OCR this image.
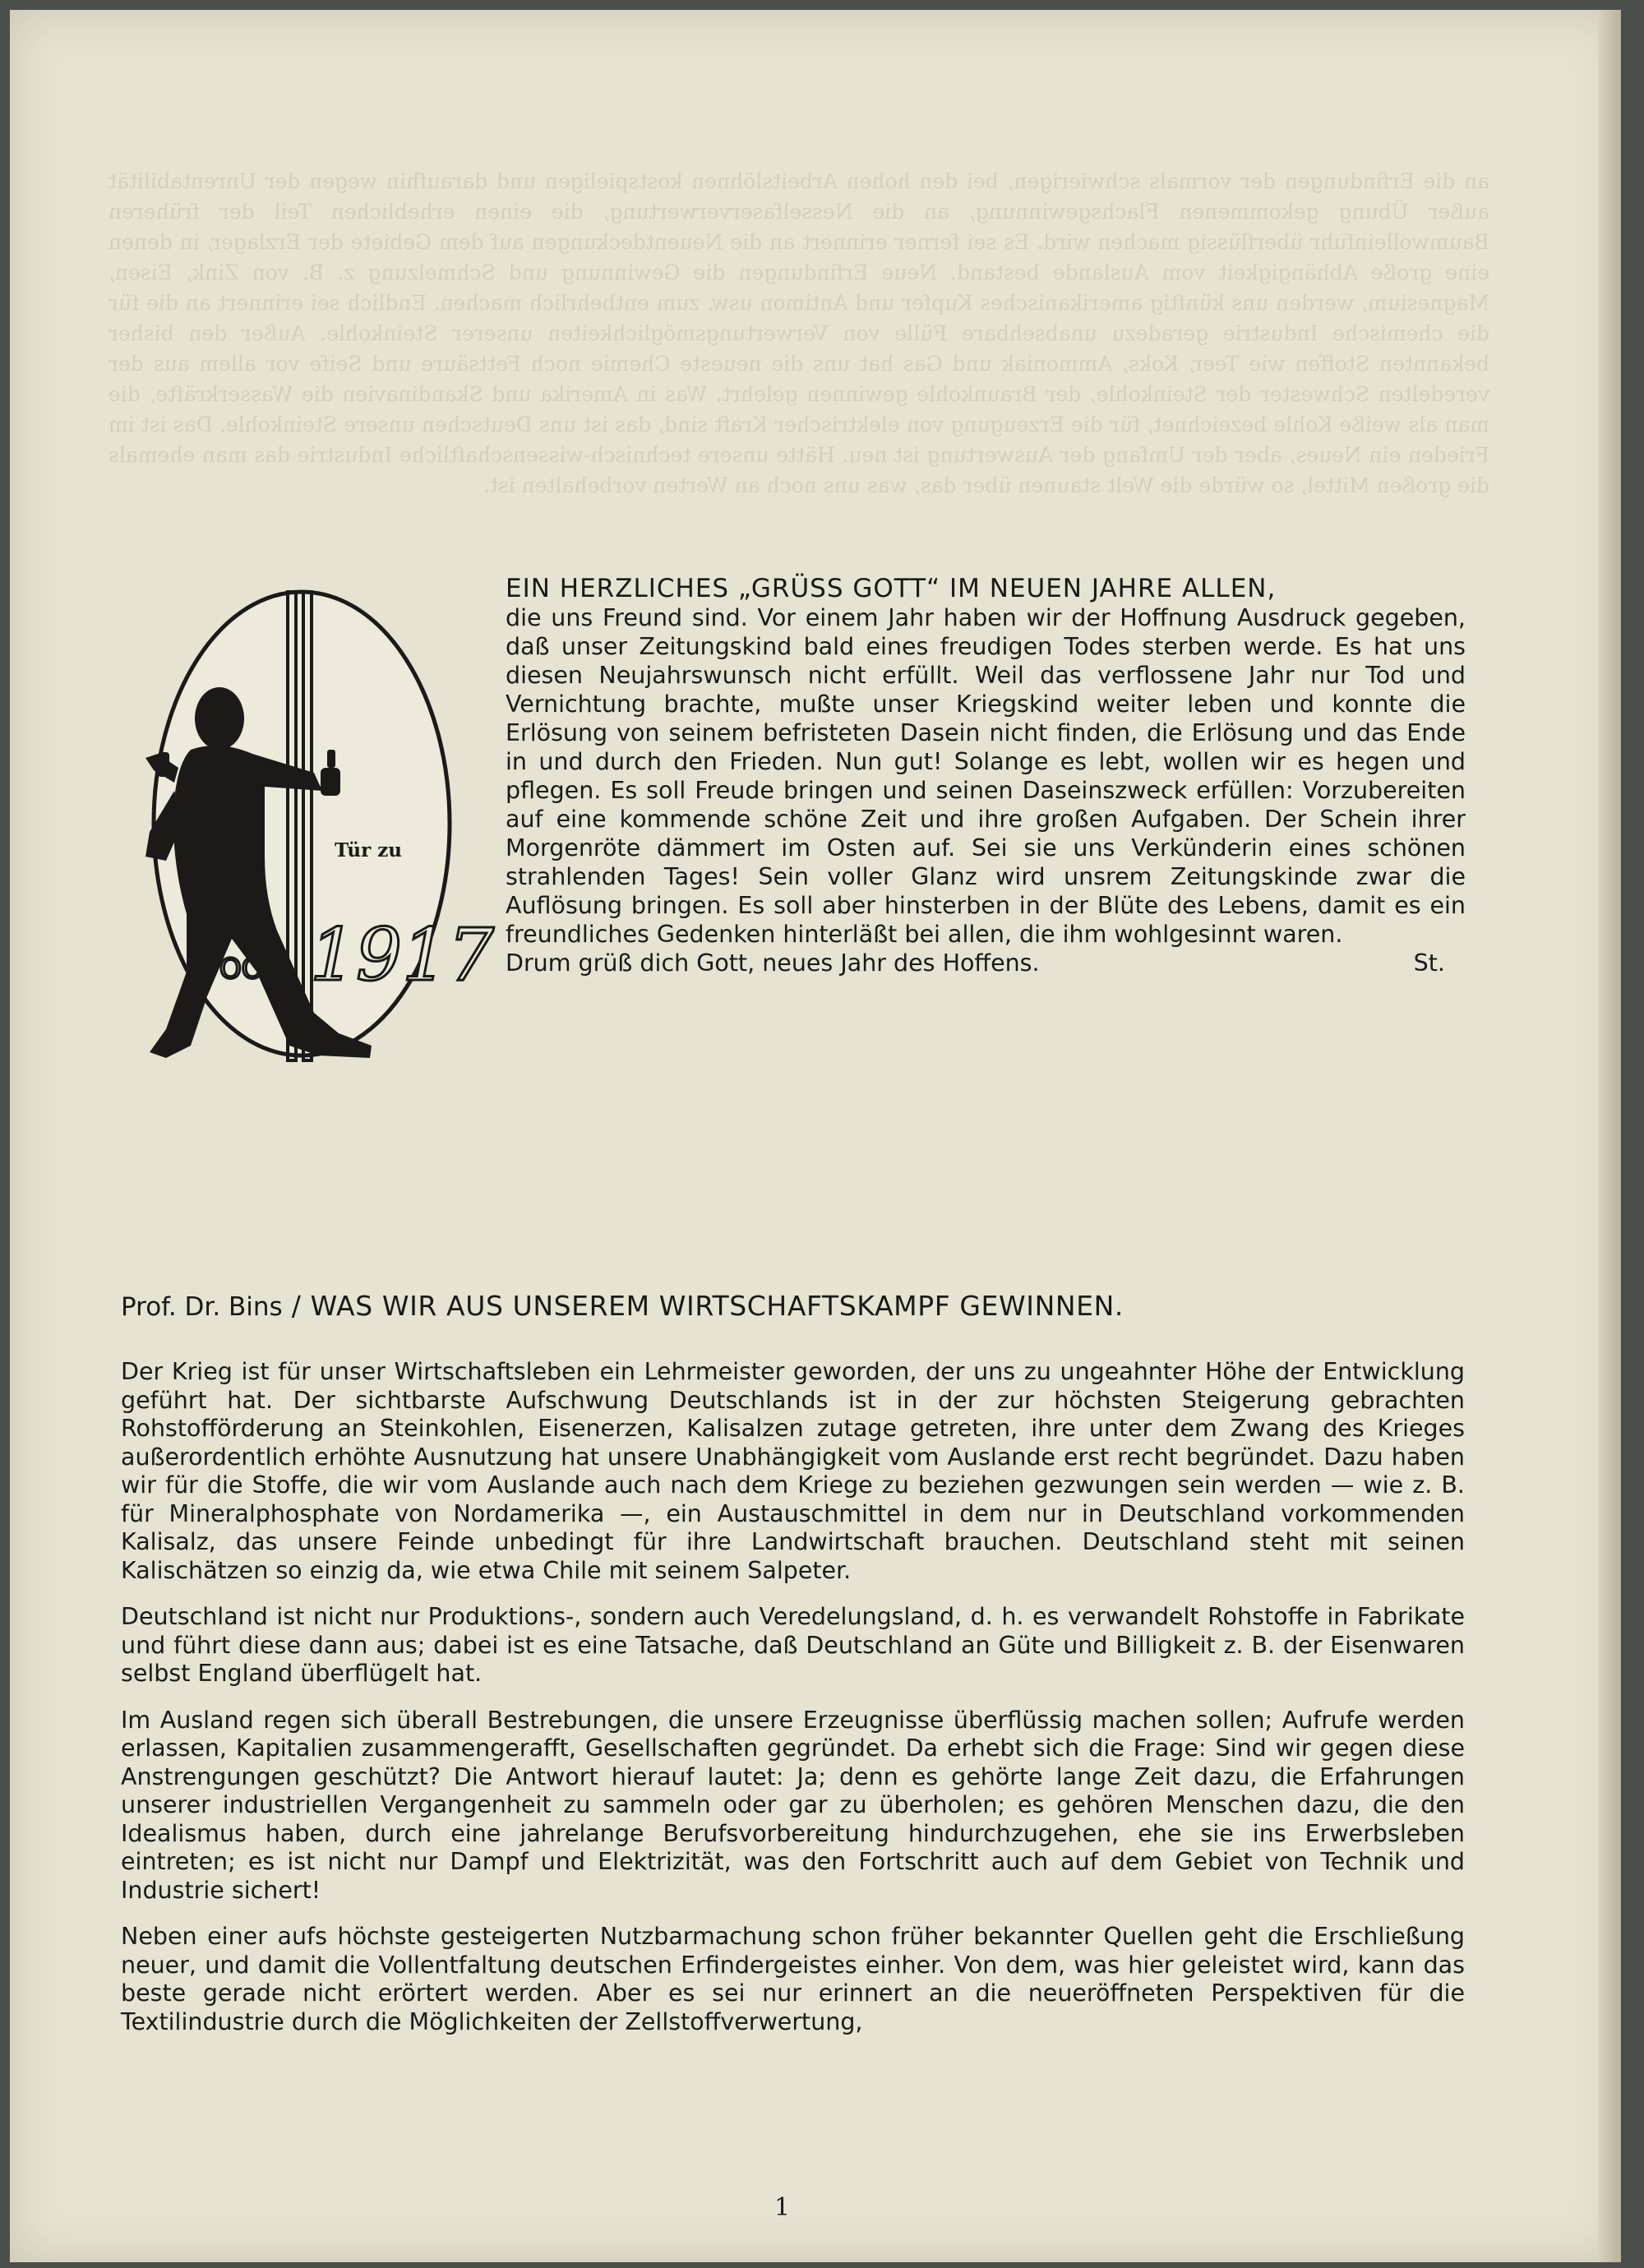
an die Erfindungen der vormals schwierigen, bei den hohen Arbeitslöhnen kostspieligen und daraufhin wegen der Unrentabilität außer Übung gekommenen Flachsgewinnung, an die Nesselfaserverwertung, die einen erheblichen Teil der früheren Baumwolleinfuhr überflüssig machen wird. Es sei ferner erinnert an die Neuentdeckungen auf dem Gebiete der Erzlager, in denen eine große Abhängigkeit vom Auslande bestand. Neue Erfindungen die Gewinnung und Schmelzung z. B. von Zink, Eisen, Magnesium, werden uns künftig amerikanisches Kupfer und Antimon usw. zum entbehrlich machen. Endlich sei erinnert an die für die chemische Industrie geradezu unabsehbare Fülle von Verwertungsmöglichkeiten unserer Steinkohle. Außer den bisher bekannten Stoffen wie Teer, Koks, Ammoniak und Gas hat uns die neueste Chemie noch Fettsäure und Seife vor allem aus der veredelten Schwester der Steinkohle, der Braunkohle gewinnen gelehrt. Was in Amerika und Skandinavien die Wasserkräfte, die man als weiße Kohle bezeichnet, für die Erzeugung von elektrischer Kraft sind, das ist uns Deutschen unsere Steinkohle. Das ist im Frieden ein Neues, aber der Umfang der Auswertung ist neu. Hätte unsere technisch-wissenschaftliche Industrie das man ehemals die großen Mittel, so würde die Welt staunen über das, was uns noch an Werten vorbehalten ist.
Tür zu
1917
OO
K
EIN HERZLICHES „GRÜSS GOTT“ IM NEUEN JAHRE ALLEN,
die uns Freund sind. Vor einem Jahr haben wir der Hoffnung Ausdruck gegeben, daß unser Zeitungskind bald eines freudigen Todes sterben werde. Es hat uns diesen Neujahrswunsch nicht erfüllt. Weil das verflossene Jahr nur Tod und Vernichtung brachte, mußte unser Kriegskind weiter leben und konnte die Erlösung von seinem befristeten Dasein nicht finden, die Erlösung und das Ende in und durch den Frieden. Nun gut! Solange es lebt, wollen wir es hegen und pflegen. Es soll Freude bringen und seinen Daseinszweck erfüllen: Vorzubereiten auf eine kommende schöne Zeit und ihre großen Aufgaben. Der Schein ihrer Morgenröte dämmert im Osten auf. Sei sie uns Verkünderin eines schönen strahlenden Tages! Sein voller Glanz wird unsrem Zeitungskinde zwar die Auflösung bringen. Es soll aber hinsterben in der Blüte des Lebens, damit es ein freundliches Gedenken hinterläßt bei allen, die ihm wohlgesinnt waren.
Drum grüß dich Gott, neues Jahr des Hoffens.	St.
Prof. Dr. Bins / WAS WIR AUS UNSEREM WIRTSCHAFTSKAMPF GEWINNEN.

Der Krieg ist für unser Wirtschaftsleben ein Lehrmeister geworden, der uns zu ungeahnter Höhe der Entwicklung geführt hat. Der sichtbarste Aufschwung Deutschlands ist in der zur höchsten Steigerung gebrachten Rohstofförderung an Steinkohlen, Eisenerzen, Kalisalzen zutage getreten, ihre unter dem Zwang des Krieges außerordentlich erhöhte Ausnutzung hat unsere Unabhängigkeit vom Auslande erst recht begründet. Dazu haben wir für die Stoffe, die wir vom Auslande auch nach dem Kriege zu beziehen gezwungen sein werden — wie z. B. für Mineralphosphate von Nordamerika —, ein Austauschmittel in dem nur in Deutschland vorkommenden Kalisalz, das unsere Feinde unbedingt für ihre Landwirtschaft brauchen. Deutschland steht mit seinen Kalischätzen so einzig da, wie etwa Chile mit seinem Salpeter.

Deutschland ist nicht nur Produktions-, sondern auch Veredelungsland, d. h. es verwandelt Rohstoffe in Fabrikate und führt diese dann aus; dabei ist es eine Tatsache, daß Deutschland an Güte und Billigkeit z. B. der Eisenwaren selbst England überflügelt hat.

Im Ausland regen sich überall Bestrebungen, die unsere Erzeugnisse überflüssig machen sollen; Aufrufe werden erlassen, Kapitalien zusammengerafft, Gesellschaften gegründet. Da erhebt sich die Frage: Sind wir gegen diese Anstrengungen geschützt? Die Antwort hierauf lautet: Ja; denn es gehörte lange Zeit dazu, die Erfahrungen unserer industriellen Vergangenheit zu sammeln oder gar zu überholen; es gehören Menschen dazu, die den Idealismus haben, durch eine jahrelange Berufsvorbereitung hindurchzugehen, ehe sie ins Erwerbsleben eintreten; es ist nicht nur Dampf und Elektrizität, was den Fortschritt auch auf dem Gebiet von Technik und Industrie sichert!

Neben einer aufs höchste gesteigerten Nutzbarmachung schon früher bekannter Quellen geht die Erschließung neuer, und damit die Vollentfaltung deutschen Erfindergeistes einher. Von dem, was hier geleistet wird, kann das beste gerade nicht erörtert werden. Aber es sei nur erinnert an die neueröffneten Perspektiven für die Textilindustrie durch die Möglichkeiten der Zellstoffverwertung,

1
